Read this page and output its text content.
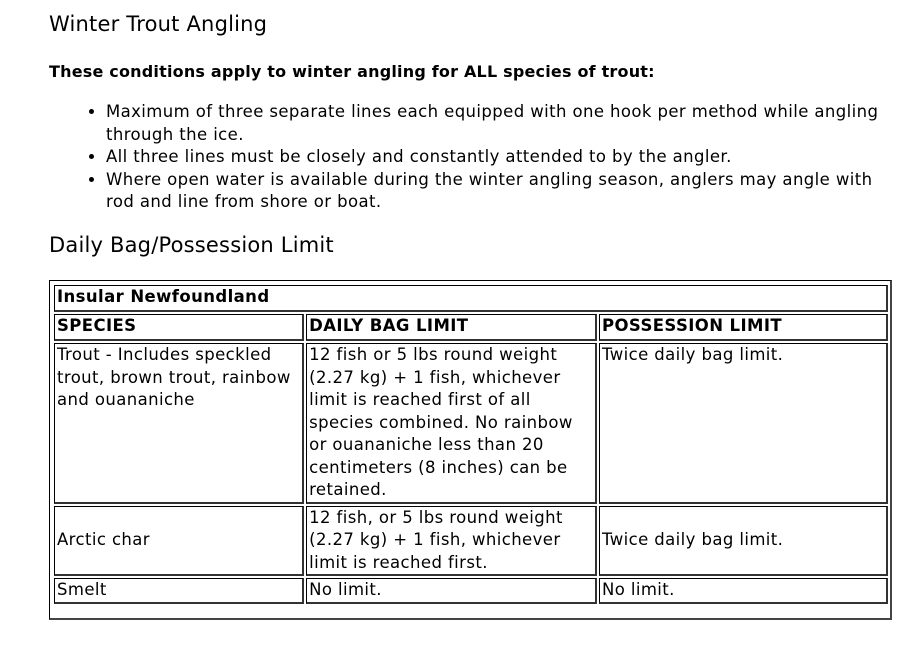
Winter Trout Angling

These conditions apply to winter angling for ALL species of trout:

• Maximum of three separate lines each equipped with one hook per method while angling through the ice.
• All three lines must be closely and constantly attended to by the angler.
• Where open water is available during the winter angling season, anglers may angle with rod and line from shore or boat.
Daily Bag/Possession Limit
Insular Newfoundland		
SPECIES	DAILY BAG LIMIT	POSSESSION LIMIT
Trout - Includes speckled trout, brown trout, rainbow and ouananiche	12 fish or 5 lbs round weight (2.27 kg) + 1 fish, whichever limit is reached first of all species combined. No rainbow or ouananiche less than 20 centimeters (8 inches) can be retained.	Twice daily bag limit.
Arctic char	12 fish, or 5 lbs round weight (2.27 kg) + 1 fish, whichever limit is reached first.	Twice daily bag limit.
Smelt	No limit.	No limit.
